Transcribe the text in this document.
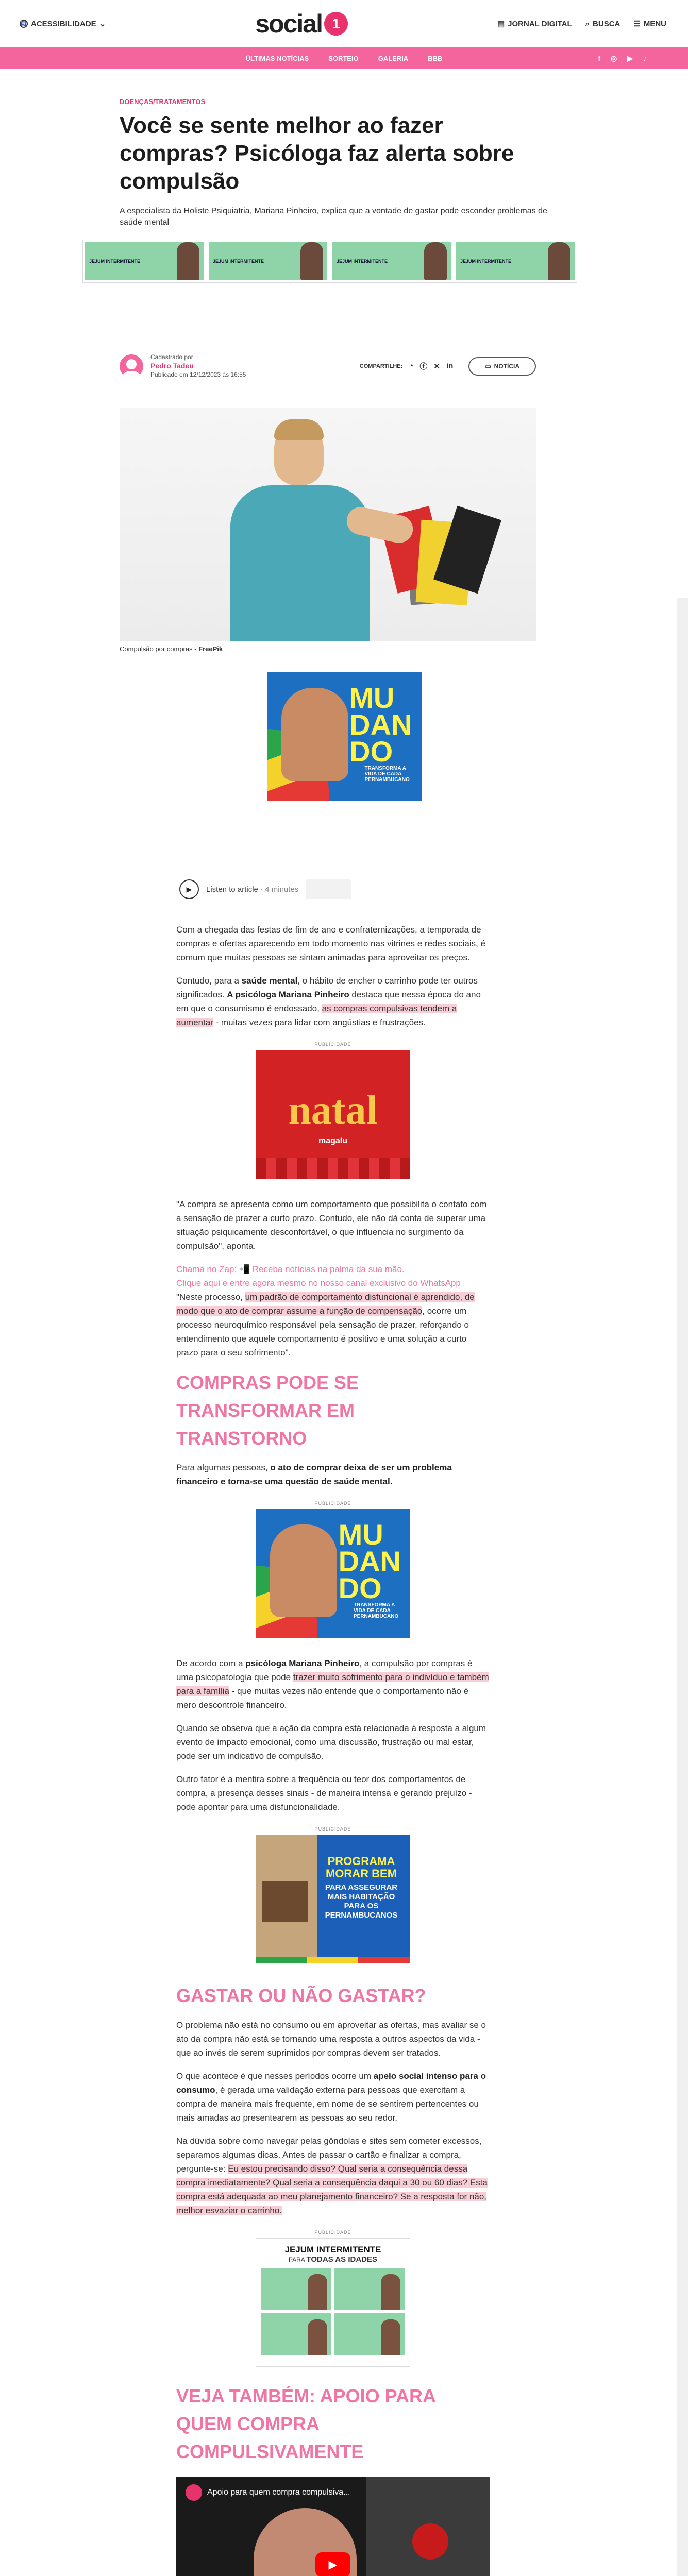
♿ ACESSIBILIDADE ⌄	social 1	▤ JORNAL DIGITAL ⌕ BUSCA ☰ MENU
ÚLTIMAS NOTÍCIAS	SORTEIO	GALERIA	BBB	f ◎ ▶ ♪
DOENÇAS/TRATAMENTOS
Você se sente melhor ao fazer compras? Psicóloga faz alerta sobre compulsão

A especialista da Holiste Psiquiatria, Mariana Pinheiro, explica que a vontade de gastar pode esconder problemas de saúde mental

JEJUM INTERMITENTE	JEJUM INTERMITENTE	JEJUM INTERMITENTE	JEJUM INTERMITENTE
Cadastrado por
Pedro Tadeu
Publicado em 12/12/2023 às 16:55
COMPARTILHE: ◔ ⓕ ✕ in	▭ NOTÍCIA
Compulsão por compras - FreePik
MU
DAN
DO
TRANSFORMA A VIDA DE CADA PERNAMBUCANO
▶	Listen to article · 4 minutes

Com a chegada das festas de fim de ano e confraternizações, a temporada de compras e ofertas aparecendo em todo momento nas vitrines e redes sociais, é comum que muitas pessoas se sintam animadas para aproveitar os preços.

Contudo, para a saúde mental, o hábito de encher o carrinho pode ter outros significados. A psicóloga Mariana Pinheiro destaca que nessa época do ano em que o consumismo é endossado, as compras compulsivas tendem a aumentar - muitas vezes para lidar com angústias e frustrações.

PUBLICIDADE
natal
magalu

"A compra se apresenta como um comportamento que possibilita o contato com a sensação de prazer a curto prazo. Contudo, ele não dá conta de superar uma situação psiquicamente desconfortável, o que influencia no surgimento da compulsão", aponta.

Chama no Zap: 📲 Receba notícias na palma da sua mão.
Clique aqui e entre agora mesmo no nosso canal exclusivo do WhatsApp

"Neste processo, um padrão de comportamento disfuncional é aprendido, de modo que o ato de comprar assume a função de compensação, ocorre um processo neuroquímico responsável pela sensação de prazer, reforçando o entendimento que aquele comportamento é positivo e uma solução a curto prazo para o seu sofrimento".

COMPRAS PODE SE TRANSFORMAR EM TRANSTORNO

Para algumas pessoas, o ato de comprar deixa de ser um problema financeiro e torna-se uma questão de saúde mental.

PUBLICIDADE
MU
DAN
DO
TRANSFORMA A VIDA DE CADA PERNAMBUCANO

De acordo com a psicóloga Mariana Pinheiro, a compulsão por compras é uma psicopatologia que pode trazer muito sofrimento para o indivíduo e também para a família - que muitas vezes não entende que o comportamento não é mero descontrole financeiro.

Quando se observa que a ação da compra está relacionada à resposta a algum evento de impacto emocional, como uma discussão, frustração ou mal estar, pode ser um indicativo de compulsão.

Outro fator é a mentira sobre a frequência ou teor dos comportamentos de compra, a presença desses sinais - de maneira intensa e gerando prejuízo - pode apontar para uma disfuncionalidade.

PUBLICIDADE
PROGRAMA
MORAR BEM
PARA ASSEGURAR MAIS HABITAÇÃO PARA OS PERNAMBUCANOS
GASTAR OU NÃO GASTAR?

O problema não está no consumo ou em aproveitar as ofertas, mas avaliar se o ato da compra não está se tornando uma resposta a outros aspectos da vida - que ao invés de serem suprimidos por compras devem ser tratados.

O que acontece é que nesses períodos ocorre um apelo social intenso para o consumo, é gerada uma validação externa para pessoas que exercitam a compra de maneira mais frequente, em nome de se sentirem pertencentes ou mais amadas ao presentearem as pessoas ao seu redor.

Na dúvida sobre como navegar pelas gôndolas e sites sem cometer excessos, separamos algumas dicas. Antes de passar o cartão e finalizar a compra, pergunte-se: Eu estou precisando disso? Qual seria a consequência dessa compra imediatamente? Qual seria a consequência daqui a 30 ou 60 dias? Esta compra está adequada ao meu planejamento financeiro? Se a resposta for não, melhor esvaziar o carrinho.

PUBLICIDADE
JEJUM INTERMITENTE
PARA TODAS AS IDADES
VEJA TAMBÉM: APOIO PARA QUEM COMPRA COMPULSIVAMENTE
Apoio para quem compra compulsiva...
▶
